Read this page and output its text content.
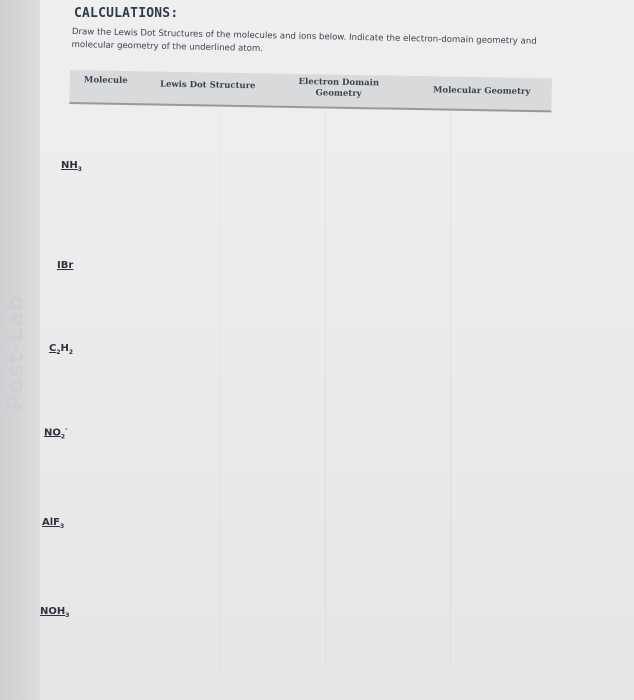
Post-Lab
CALCULATIONS:
Draw the Lewis Dot Structures of the molecules and ions below. Indicate the electron-domain geometry and molecular geometry of the underlined atom.
Molecule	Lewis Dot Structure	Electron Domain Geometry	Molecular Geometry
$NH_3$
IBr
$C_2H_2$
$NO_2^-$
AlF$_3$
$NOH_3$
